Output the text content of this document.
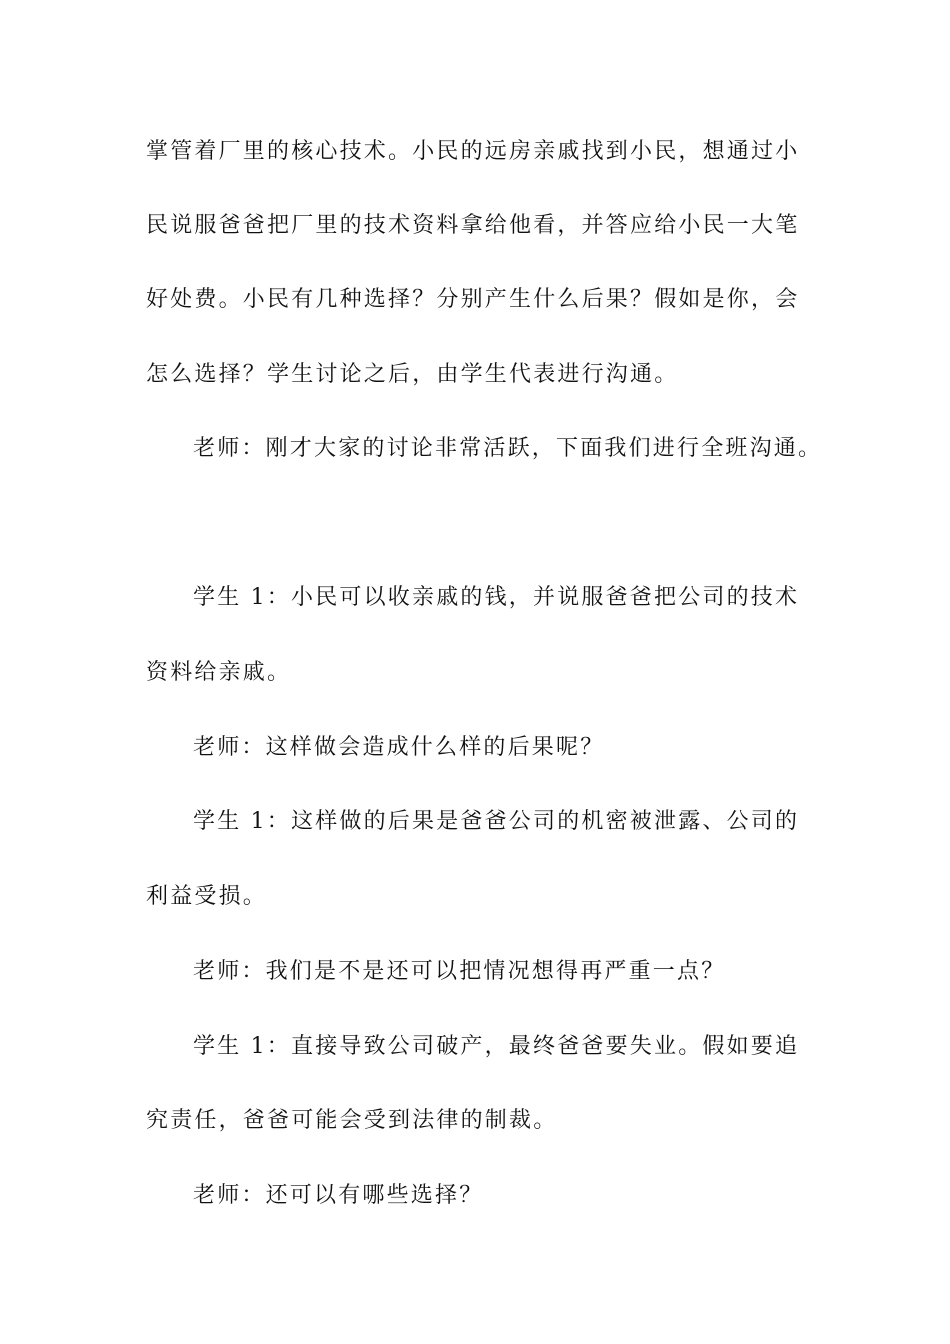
掌管着厂里的核心技术。小民的远房亲戚找到小民，想通过小
民说服爸爸把厂里的技术资料拿给他看，并答应给小民一大笔
好处费。小民有几种选择？分别产生什么后果？假如是你，会
怎么选择？学生讨论之后，由学生代表进行沟通。
老师：刚才大家的讨论非常活跃，下面我们进行全班沟通。
学生 1：小民可以收亲戚的钱，并说服爸爸把公司的技术
资料给亲戚。
老师：这样做会造成什么样的后果呢？
学生 1：这样做的后果是爸爸公司的机密被泄露、公司的
利益受损。
老师：我们是不是还可以把情况想得再严重一点？
学生 1：直接导致公司破产，最终爸爸要失业。假如要追
究责任，爸爸可能会受到法律的制裁。
老师：还可以有哪些选择？
